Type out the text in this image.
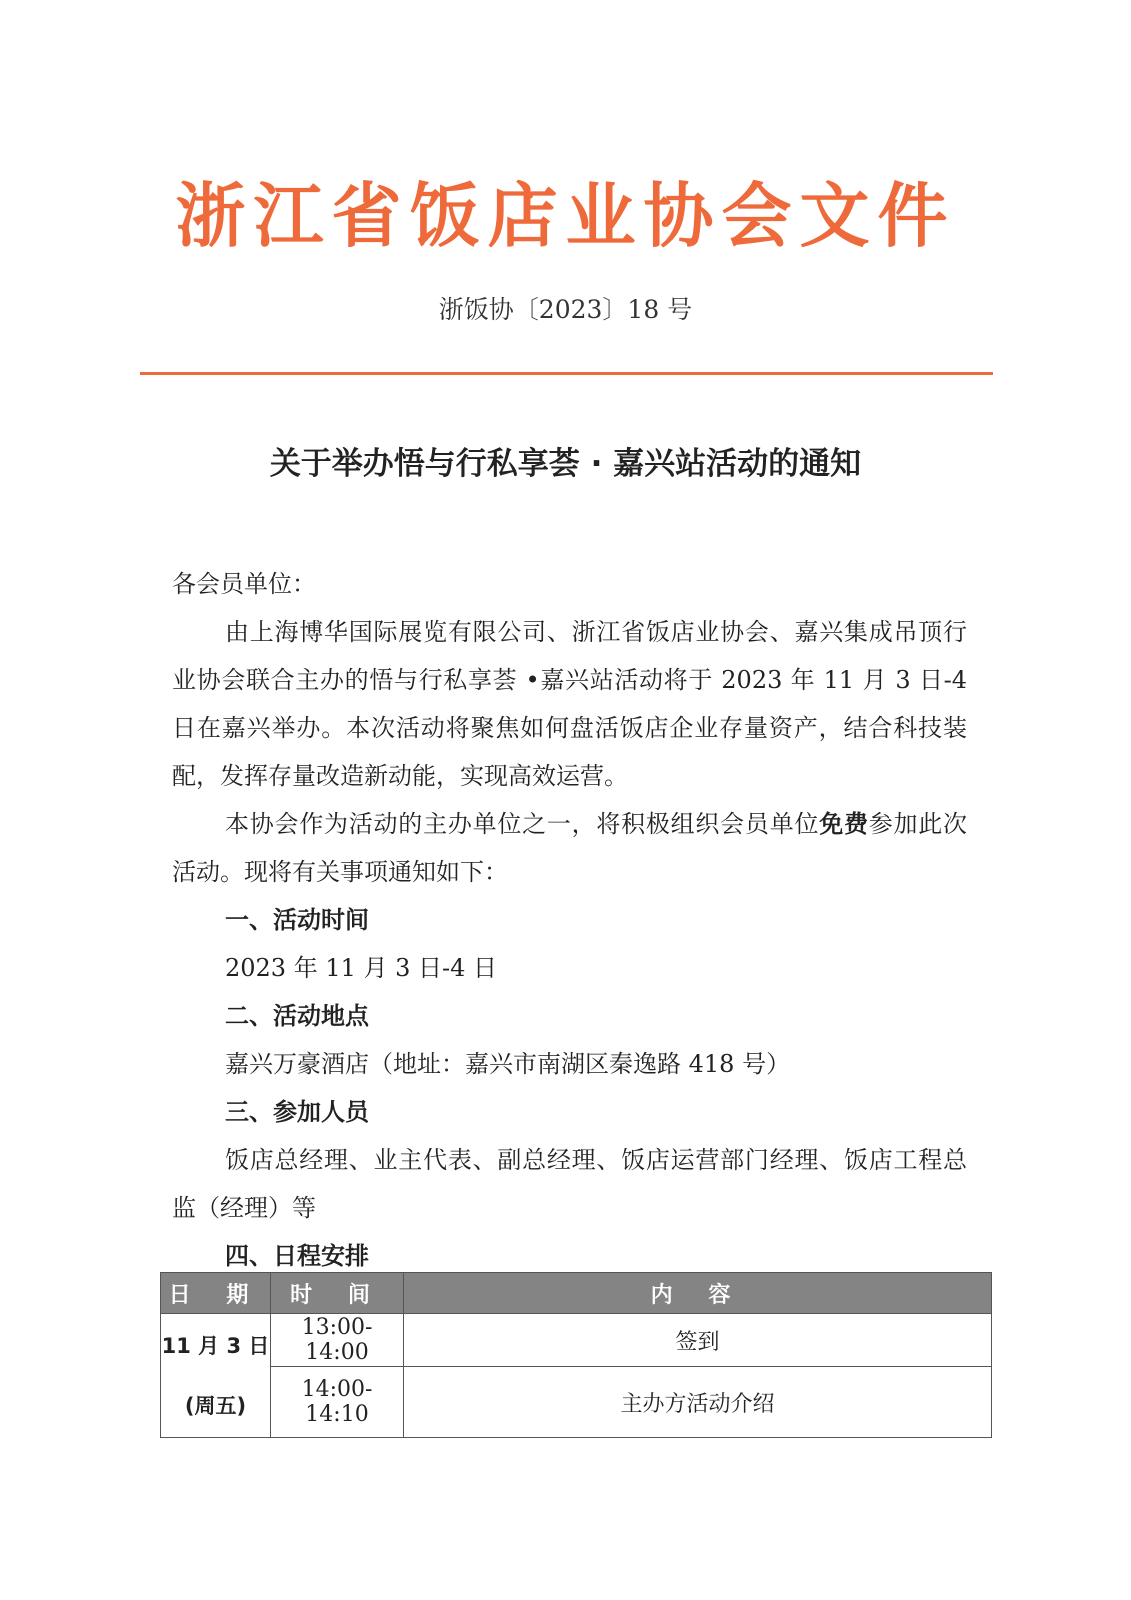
浙江省饭店业协会文件
浙饭协〔2023〕18 号
关于举办悟与行私享荟 · 嘉兴站活动的通知

各会员单位：

由上海博华国际展览有限公司、浙江省饭店业协会、嘉兴集成吊顶行业协会联合主办的悟与行私享荟 •嘉兴站活动将于 2023 年 11 月 3 日-4 日在嘉兴举办。本次活动将聚焦如何盘活饭店企业存量资产，结合科技装配，发挥存量改造新动能，实现高效运营。

本协会作为活动的主办单位之一，将积极组织会员单位免费参加此次活动。现将有关事项通知如下：

一、活动时间

2023 年 11 月 3 日-4 日

二、活动地点

嘉兴万豪酒店（地址：嘉兴市南湖区秦逸路 418 号）

三、参加人员

饭店总经理、业主代表、副总经理、饭店运营部门经理、饭店工程总监（经理）等

四、日程安排

日 期	时 间	内 容

11 月 3 日
(周五)	13:00-14:00	签到
	14:00-14:10	主办方活动介绍
